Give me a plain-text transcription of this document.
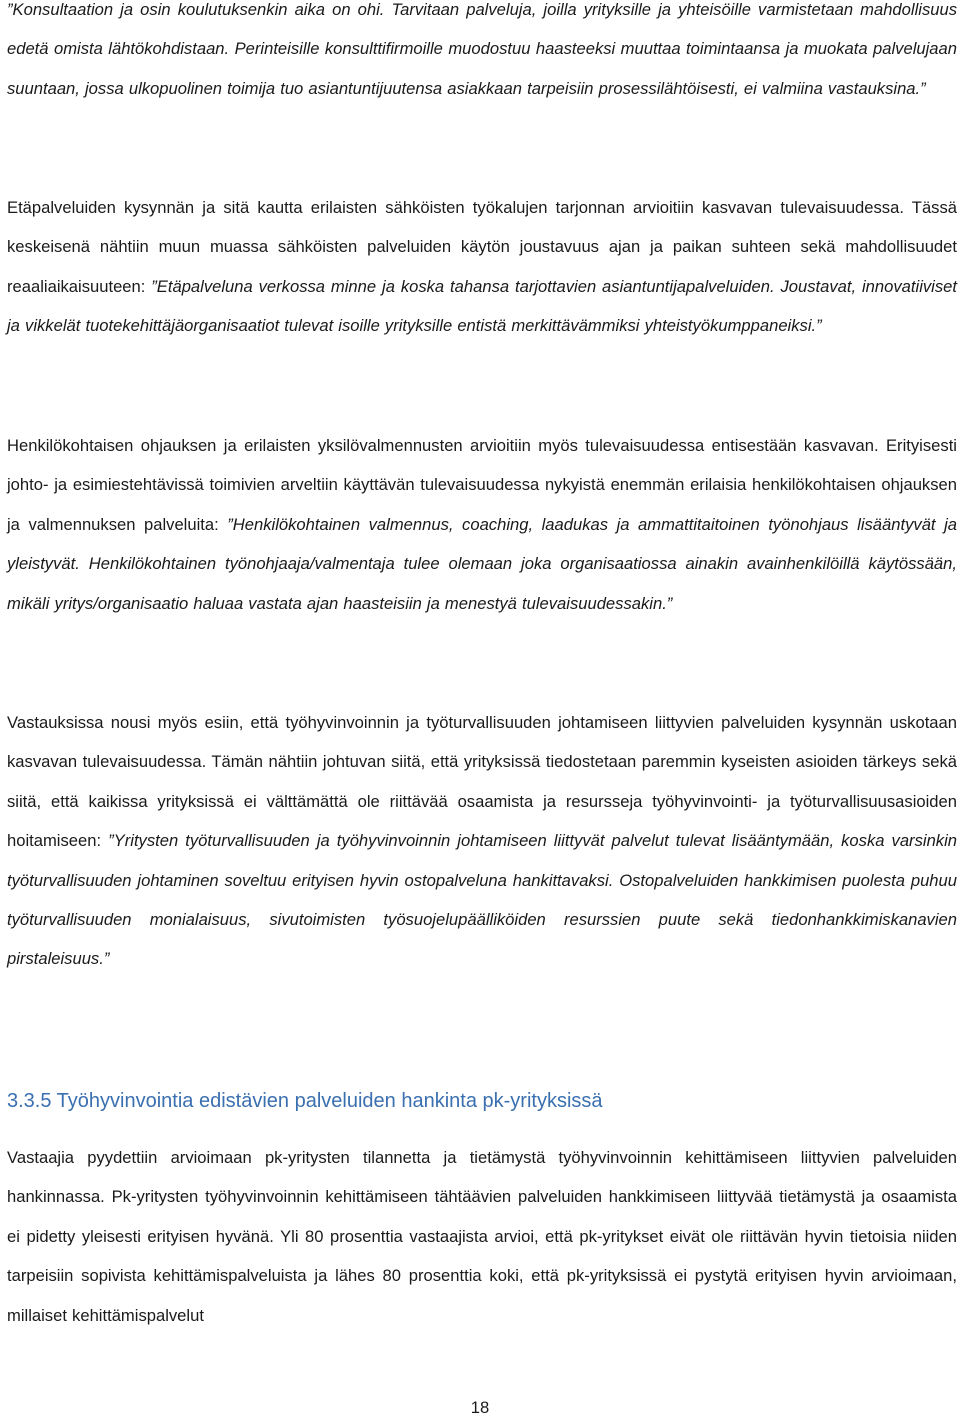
”Konsultaation ja osin koulutuksenkin aika on ohi. Tarvitaan palveluja, joilla yrityksille ja yhteisöille varmistetaan mahdollisuus edetä omista lähtökohdistaan. Perinteisille konsulttifirmoille muodostuu haasteeksi muuttaa toimintaansa ja muokata palvelujaan suuntaan, jossa ulkopuolinen toimija tuo asiantuntijuutensa asiakkaan tarpeisiin prosessilähtöisesti, ei valmiina vastauksina.”

Etäpalveluiden kysynnän ja sitä kautta erilaisten sähköisten työkalujen tarjonnan arvioitiin kasvavan tulevaisuudessa. Tässä keskeisenä nähtiin muun muassa sähköisten palveluiden käytön joustavuus ajan ja paikan suhteen sekä mahdollisuudet reaaliaikaisuuteen: ”Etäpalveluna verkossa minne ja koska tahansa tarjottavien asiantuntijapalveluiden. Joustavat, innovatiiviset ja vikkelät tuotekehittäjäorganisaatiot tulevat isoille yrityksille entistä merkittävämmiksi yhteistyökumppaneiksi.”

Henkilökohtaisen ohjauksen ja erilaisten yksilövalmennusten arvioitiin myös tulevaisuudessa entisestään kasvavan. Erityisesti johto- ja esimiestehtävissä toimivien arveltiin käyttävän tulevaisuudessa nykyistä enemmän erilaisia henkilökohtaisen ohjauksen ja valmennuksen palveluita: ”Henkilökohtainen valmennus, coaching, laadukas ja ammattitaitoinen työnohjaus lisääntyvät ja yleistyvät. Henkilökohtainen työnohjaaja/valmentaja tulee olemaan joka organisaatiossa ainakin avainhenkilöillä käytössään, mikäli yritys/organisaatio haluaa vastata ajan haasteisiin ja menestyä tulevaisuudessakin.”

Vastauksissa nousi myös esiin, että työhyvinvoinnin ja työturvallisuuden johtamiseen liittyvien palveluiden kysynnän uskotaan kasvavan tulevaisuudessa. Tämän nähtiin johtuvan siitä, että yrityksissä tiedostetaan paremmin kyseisten asioiden tärkeys sekä siitä, että kaikissa yrityksissä ei välttämättä ole riittävää osaamista ja resursseja työhyvinvointi- ja työturvallisuusasioiden hoitamiseen: ”Yritysten työturvallisuuden ja työhyvinvoinnin johtamiseen liittyvät palvelut tulevat lisääntymään, koska varsinkin työturvallisuuden johtaminen soveltuu erityisen hyvin ostopalveluna hankittavaksi. Ostopalveluiden hankkimisen puolesta puhuu työturvallisuuden monialaisuus, sivutoimisten työsuojelupäälliköiden resurssien puute sekä tiedonhankkimiskanavien pirstaleisuus.”

3.3.5 Työhyvinvointia edistävien palveluiden hankinta pk-yrityksissä

Vastaajia pyydettiin arvioimaan pk-yritysten tilannetta ja tietämystä työhyvinvoinnin kehittämiseen liittyvien palveluiden hankinnassa. Pk-yritysten työhyvinvoinnin kehittämiseen tähtäävien palveluiden hankkimiseen liittyvää tietämystä ja osaamista ei pidetty yleisesti erityisen hyvänä. Yli 80 prosenttia vastaajista arvioi, että pk-yritykset eivät ole riittävän hyvin tietoisia niiden tarpeisiin sopivista kehittämispalveluista ja lähes 80 prosenttia koki, että pk-yrityksissä ei pystytä erityisen hyvin arvioimaan, millaiset kehittämispalvelut

18
